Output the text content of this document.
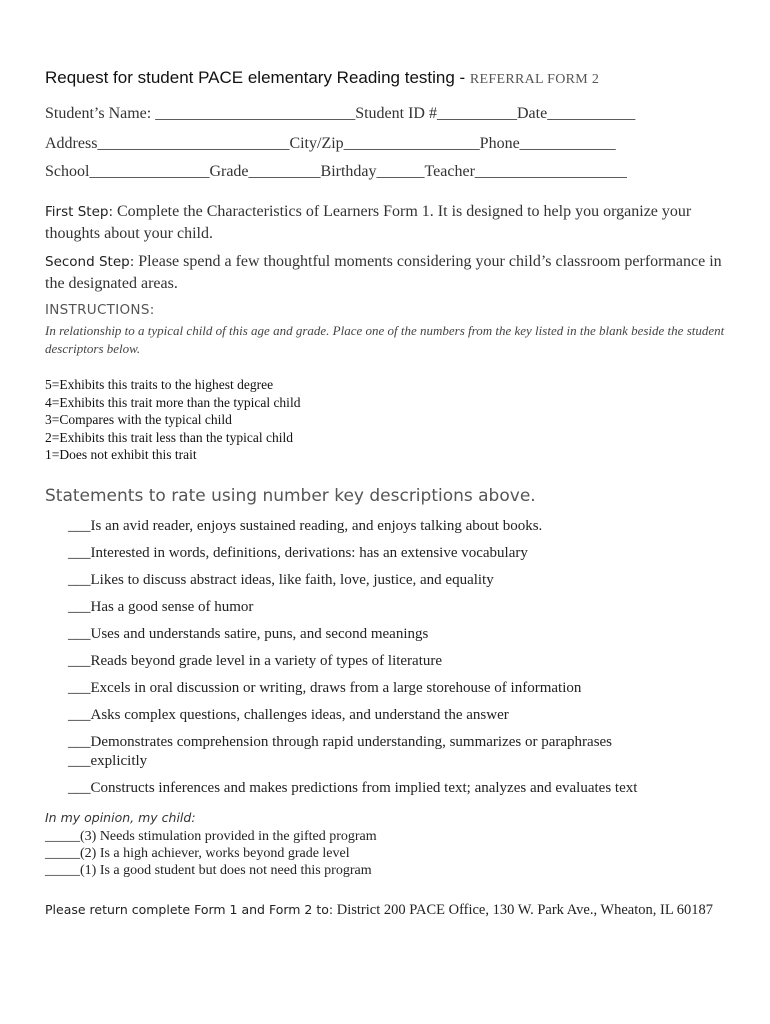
Request for student PACE elementary Reading testing - REFERRAL FORM 2
Student’s Name: _________________________Student ID #__________Date___________
Address________________________City/Zip_________________Phone____________
School_______________Grade_________Birthday______Teacher___________________
First Step: Complete the Characteristics of Learners Form 1. It is designed to help you organize your thoughts about your child.
Second Step: Please spend a few thoughtful moments considering your child’s classroom performance in the designated areas.
INSTRUCTIONS:
In relationship to a typical child of this age and grade. Place one of the numbers from the key listed in the blank beside the student descriptors below.
5=Exhibits this traits to the highest degree
4=Exhibits this trait more than the typical child
3=Compares with the typical child
2=Exhibits this trait less than the typical child
1=Does not exhibit this trait
Statements to rate using number key descriptions above.
___Is an avid reader, enjoys sustained reading, and enjoys talking about books.
___Interested in words, definitions, derivations: has an extensive vocabulary
___Likes to discuss abstract ideas, like faith, love, justice, and equality
___Has a good sense of humor
___Uses and understands satire, puns, and second meanings
___Reads beyond grade level in a variety of types of literature
___Excels in oral discussion or writing, draws from a large storehouse of information
___Asks complex questions, challenges ideas, and understand the answer
___Demonstrates comprehension through rapid understanding, summarizes or paraphrases
___explicitly
___Constructs inferences and makes predictions from implied text; analyzes and evaluates text
In my opinion, my child:
_____(3) Needs stimulation provided in the gifted program
_____(2) Is a high achiever, works beyond grade level
_____(1) Is a good student but does not need this program
Please return complete Form 1 and Form 2 to: District 200 PACE Office, 130 W. Park Ave., Wheaton, IL 60187
